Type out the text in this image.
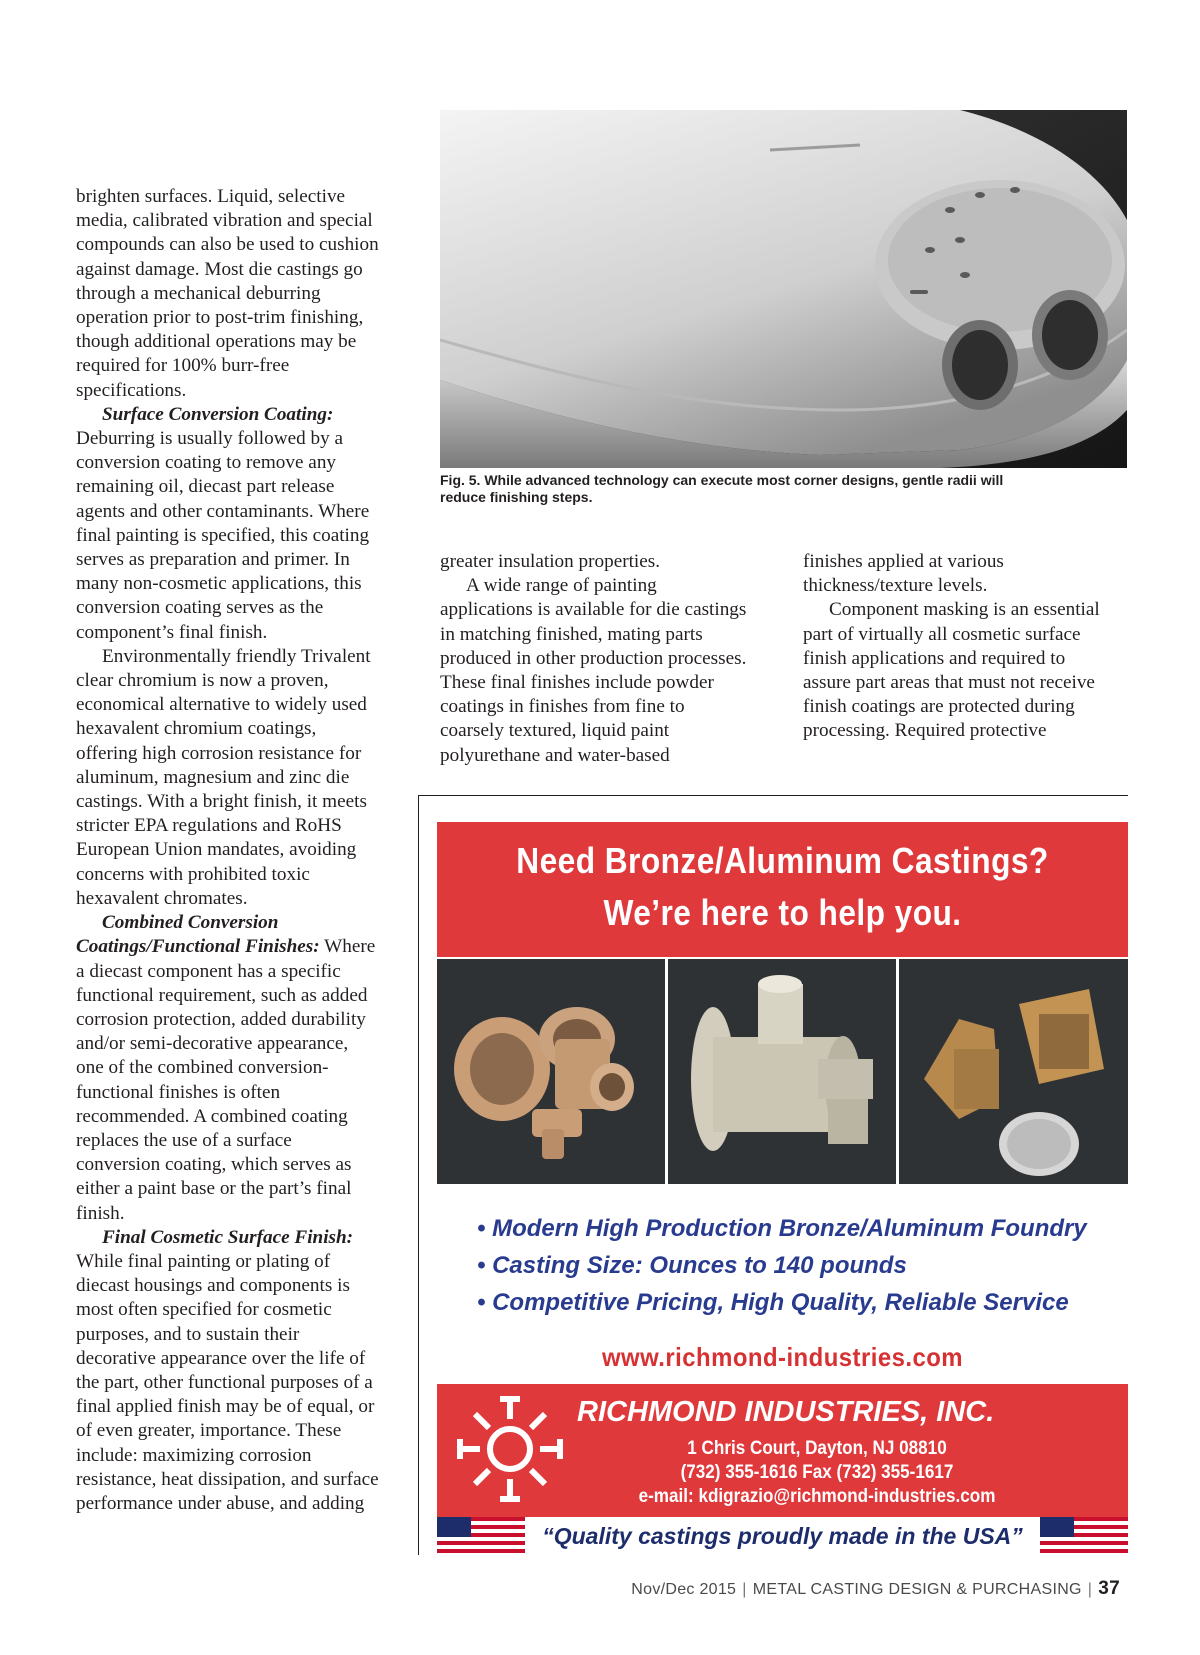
brighten surfaces. Liquid, selective media, calibrated vibration and special compounds can also be used to cushion against damage. Most die castings go through a mechanical deburring operation prior to post-trim finishing, though additional operations may be required for 100% burr-free specifications.

Surface Conversion Coating: Deburring is usually followed by a conversion coating to remove any remaining oil, diecast part release agents and other contaminants. Where final painting is specified, this coating serves as preparation and primer. In many non-cosmetic applications, this conversion coating serves as the component’s final finish.

Environmentally friendly Trivalent clear chromium is now a proven, economical alternative to widely used hexavalent chromium coatings, offering high corrosion resistance for aluminum, magnesium and zinc die castings. With a bright finish, it meets stricter EPA regulations and RoHS European Union mandates, avoiding concerns with prohibited toxic hexavalent chromates.

Combined Conversion Coatings/Functional Finishes: Where a diecast component has a specific functional requirement, such as added corrosion protection, added durability and/or semi-decorative appearance, one of the combined conversion-functional finishes is often recommended. A combined coating replaces the use of a surface conversion coating, which serves as either a paint base or the part’s final finish.

Final Cosmetic Surface Finish: While final painting or plating of diecast housings and components is most often specified for cosmetic purposes, and to sustain their decorative appearance over the life of the part, other functional purposes of a final applied finish may be of equal, or of even greater, importance. These include: maximizing corrosion resistance, heat dissipation, and surface performance under abuse, and adding

Fig. 5. While advanced technology can execute most corner designs, gentle radii will reduce finishing steps.

greater insulation properties.

A wide range of painting applications is available for die castings in matching finished, mating parts produced in other production processes. These final finishes include powder coatings in finishes from fine to coarsely textured, liquid paint polyurethane and water-based

finishes applied at various thickness/texture levels.

Component masking is an essential part of virtually all cosmetic surface finish applications and required to assure part areas that must not receive finish coatings are protected during processing. Required protective

Need Bronze/Aluminum Castings?
We’re here to help you.
• Modern High Production Bronze/Aluminum Foundry
• Casting Size: Ounces to 140 pounds
• Competitive Pricing, High Quality, Reliable Service
www.richmond-industries.com
RICHMOND INDUSTRIES, INC.
1 Chris Court, Dayton, NJ 08810
(732) 355-1616 Fax (732) 355-1617
e-mail: kdigrazio@richmond-industries.com
“Quality castings proudly made in the USA”
Nov/Dec 2015 | METAL CASTING DESIGN & PURCHASING | 37
